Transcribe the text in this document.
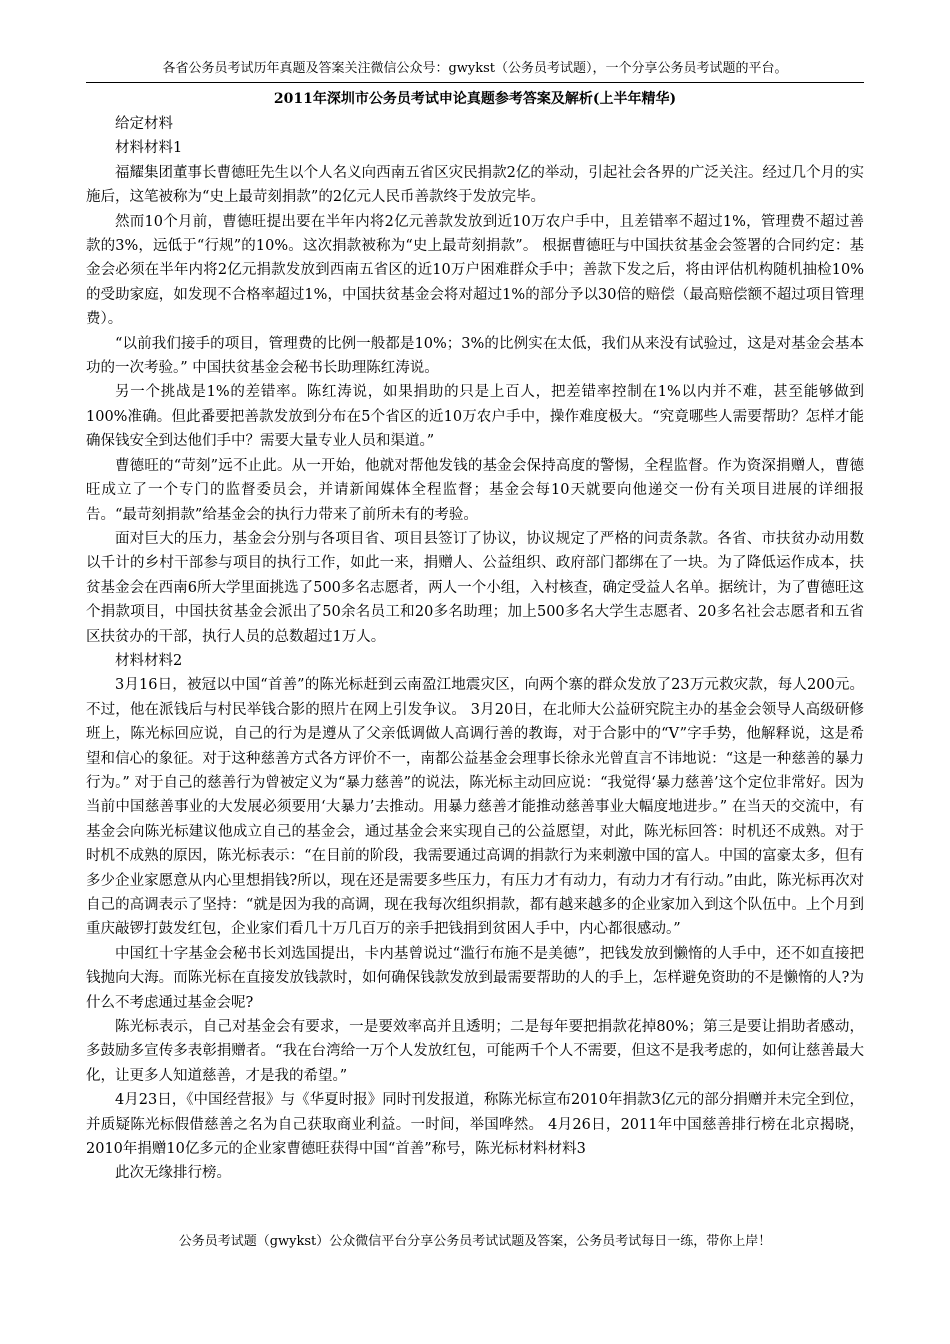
各省公务员考试历年真题及答案关注微信公众号：gwykst（公务员考试题），一个分享公务员考试题的平台。
2011年深圳市公务员考试申论真题参考答案及解析(上半年精华)

给定材料

材料材料1

福耀集团董事长曹德旺先生以个人名义向西南五省区灾民捐款2亿的举动，引起社会各界的广泛关注。经过几个月的实施后，这笔被称为“史上最苛刻捐款”的2亿元人民币善款终于发放完毕。

然而10个月前，曹德旺提出要在半年内将2亿元善款发放到近10万农户手中，且差错率不超过1%，管理费不超过善款的3%，远低于“行规”的10%。这次捐款被称为“史上最苛刻捐款”。 根据曹德旺与中国扶贫基金会签署的合同约定：基金会必须在半年内将2亿元捐款发放到西南五省区的近10万户困难群众手中；善款下发之后，将由评估机构随机抽检10%的受助家庭，如发现不合格率超过1%，中国扶贫基金会将对超过1%的部分予以30倍的赔偿（最高赔偿额不超过项目管理费）。

“以前我们接手的项目，管理费的比例一般都是10%；3%的比例实在太低，我们从来没有试验过，这是对基金会基本功的一次考验。” 中国扶贫基金会秘书长助理陈红涛说。

另一个挑战是1%的差错率。陈红涛说，如果捐助的只是上百人，把差错率控制在1%以内并不难，甚至能够做到100%准确。但此番要把善款发放到分布在5个省区的近10万农户手中，操作难度极大。“究竟哪些人需要帮助？怎样才能确保钱安全到达他们手中？需要大量专业人员和渠道。”

曹德旺的“苛刻”远不止此。从一开始，他就对帮他发钱的基金会保持高度的警惕，全程监督。作为资深捐赠人，曹德旺成立了一个专门的监督委员会，并请新闻媒体全程监督；基金会每10天就要向他递交一份有关项目进展的详细报告。“最苛刻捐款”给基金会的执行力带来了前所未有的考验。

面对巨大的压力，基金会分别与各项目省、项目县签订了协议，协议规定了严格的问责条款。各省、市扶贫办动用数以千计的乡村干部参与项目的执行工作，如此一来，捐赠人、公益组织、政府部门都绑在了一块。为了降低运作成本，扶贫基金会在西南6所大学里面挑选了500多名志愿者，两人一个小组，入村核查，确定受益人名单。据统计，为了曹德旺这个捐款项目，中国扶贫基金会派出了50余名员工和20多名助理；加上500多名大学生志愿者、20多名社会志愿者和五省区扶贫办的干部，执行人员的总数超过1万人。

材料材料2

3月16日，被冠以中国“首善”的陈光标赶到云南盈江地震灾区，向两个寨的群众发放了23万元救灾款，每人200元。不过，他在派钱后与村民举钱合影的照片在网上引发争议。 3月20日，在北师大公益研究院主办的基金会领导人高级研修班上，陈光标回应说，自己的行为是遵从了父亲低调做人高调行善的教诲，对于合影中的“V”字手势，他解释说，这是希望和信心的象征。对于这种慈善方式各方评价不一，南都公益基金会理事长徐永光曾直言不讳地说：“这是一种慈善的暴力行为。” 对于自己的慈善行为曾被定义为“暴力慈善”的说法，陈光标主动回应说：“我觉得‘暴力慈善’这个定位非常好。因为当前中国慈善事业的大发展必须要用‘大暴力’去推动。用暴力慈善才能推动慈善事业大幅度地进步。” 在当天的交流中，有基金会向陈光标建议他成立自己的基金会，通过基金会来实现自己的公益愿望，对此，陈光标回答：时机还不成熟。对于时机不成熟的原因，陈光标表示：“在目前的阶段，我需要通过高调的捐款行为来刺激中国的富人。中国的富豪太多，但有多少企业家愿意从内心里想捐钱?所以，现在还是需要多些压力，有压力才有动力，有动力才有行动。”由此，陈光标再次对自己的高调表示了坚持：“就是因为我的高调，现在我每次组织捐款，都有越来越多的企业家加入到这个队伍中。上个月到重庆敲锣打鼓发红包，企业家们看几十万几百万的亲手把钱捐到贫困人手中，内心都很感动。”

中国红十字基金会秘书长刘选国提出，卡内基曾说过“滥行布施不是美德”，把钱发放到懒惰的人手中，还不如直接把钱抛向大海。而陈光标在直接发放钱款时，如何确保钱款发放到最需要帮助的人的手上，怎样避免资助的不是懒惰的人?为什么不考虑通过基金会呢?

陈光标表示，自己对基金会有要求，一是要效率高并且透明；二是每年要把捐款花掉80%；第三是要让捐助者感动，多鼓励多宣传多表彰捐赠者。“我在台湾给一万个人发放红包，可能两千个人不需要，但这不是我考虑的，如何让慈善最大化，让更多人知道慈善，才是我的希望。”

4月23日，《中国经营报》与《华夏时报》同时刊发报道，称陈光标宣布2010年捐款3亿元的部分捐赠并未完全到位，并质疑陈光标假借慈善之名为自己获取商业利益。一时间，举国哗然。 4月26日，2011年中国慈善排行榜在北京揭晓，2010年捐赠10亿多元的企业家曹德旺获得中国“首善”称号，陈光标材料材料3

此次无缘排行榜。

公务员考试题（gwykst）公众微信平台分享公务员考试试题及答案，公务员考试每日一练，带你上岸！
